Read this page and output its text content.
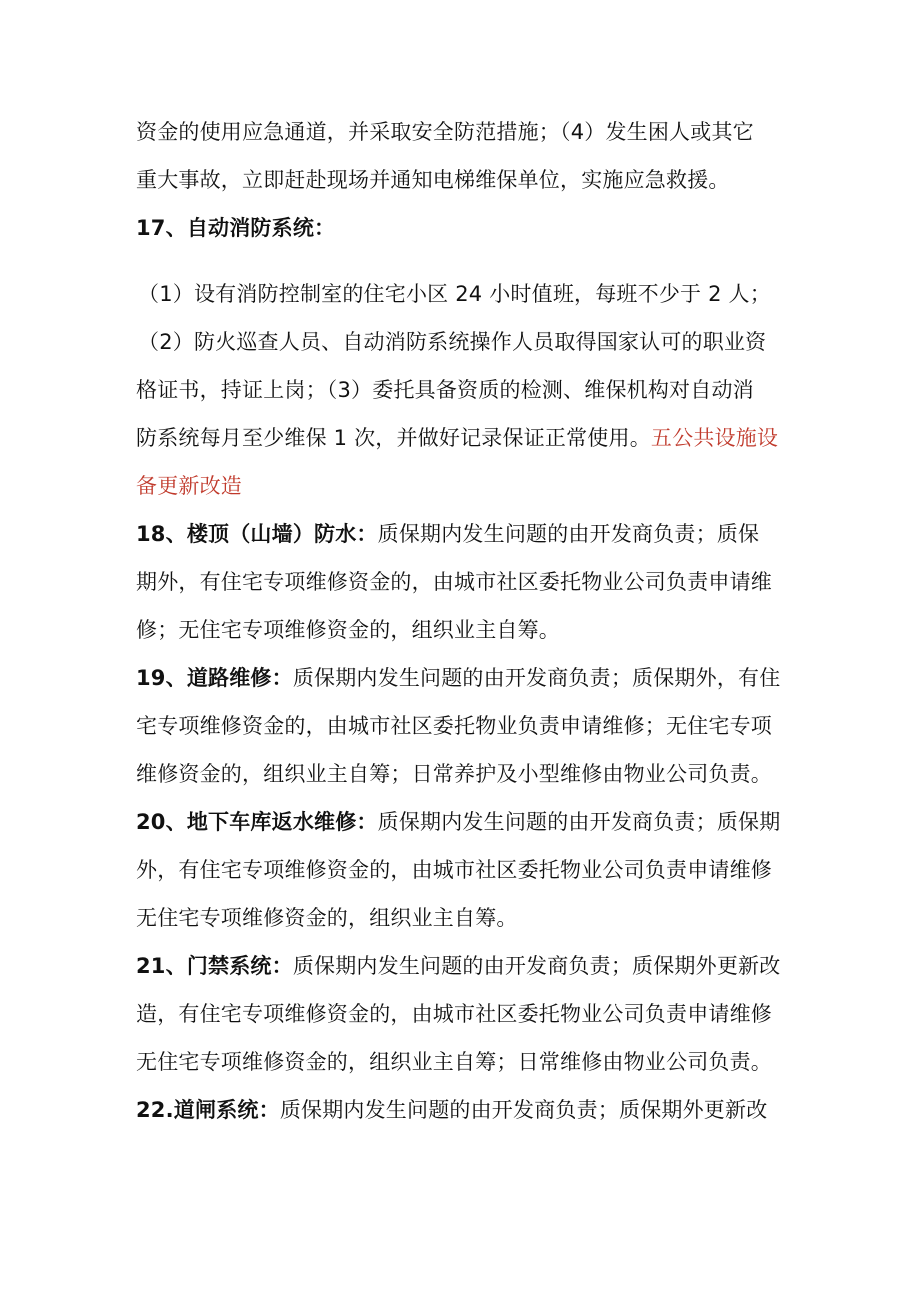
资金的使用应急通道，并采取安全防范措施；（4）发生困人或其它
重大事故，立即赶赴现场并通知电梯维保单位，实施应急救援。
17、自动消防系统：
（1）设有消防控制室的住宅小区 24 小时值班，每班不少于 2 人；
（2）防火巡查人员、自动消防系统操作人员取得国家认可的职业资
格证书，持证上岗；（3）委托具备资质的检测、维保机构对自动消
防系统每月至少维保 1 次，并做好记录保证正常使用。五公共设施设
备更新改造
18、楼顶（山墙）防水：质保期内发生问题的由开发商负责；质保
期外，有住宅专项维修资金的，由城市社区委托物业公司负责申请维
修；无住宅专项维修资金的，组织业主自筹。
19、道路维修：质保期内发生问题的由开发商负责；质保期外，有住
宅专项维修资金的，由城市社区委托物业负责申请维修；无住宅专项
维修资金的，组织业主自筹；日常养护及小型维修由物业公司负责。
20、地下车库返水维修：质保期内发生问题的由开发商负责；质保期
外，有住宅专项维修资金的，由城市社区委托物业公司负责申请维修
无住宅专项维修资金的，组织业主自筹。
21、门禁系统：质保期内发生问题的由开发商负责；质保期外更新改
造，有住宅专项维修资金的，由城市社区委托物业公司负责申请维修
无住宅专项维修资金的，组织业主自筹；日常维修由物业公司负责。
22.道闸系统：质保期内发生问题的由开发商负责；质保期外更新改
